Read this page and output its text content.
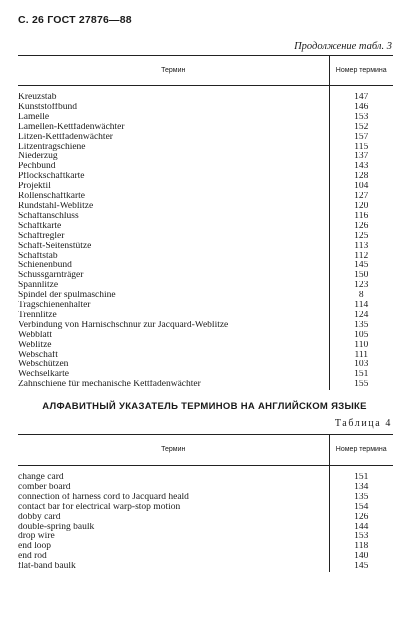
С. 26 ГОСТ 27876—88
Продолжение табл. 3
Термин	Номер термина

Kreuzstab	147
Kunststoffbund	146
Lamelle	153
Lamellen-Kettfadenwächter	152
Litzen-Kettfadenwächter	157
Litzentragschiene	115
Niederzug	137
Pechbund	143
Pflockschaftkarte	128
Projektil	104
Rollenschaftkarte	127
Rundstahl-Weblitze	120
Schaftanschluss	116
Schaftkarte	126
Schaftregler	125
Schaft-Seitenstütze	113
Schaftstab	112
Schienenbund	145
Schussgarnträger	150
Spannlitze	123
Spindel der spulmaschine	8
Tragschienenhalter	114
Trennlitze	124
Verbindung von Harnischschnur zur Jacquard-Weblitze	135
Webblatt	105
Weblitze	110
Webschaft	111
Webschützen	103
Wechselkarte	151
Zahnschiene für mechanische Kettfadenwächter	155
АЛФАВИТНЫЙ УКАЗАТЕЛЬ ТЕРМИНОВ НА АНГЛИЙСКОМ ЯЗЫКЕ
Таблица 4
Термин	Номер термина

change card	151
comber board	134
connection of harness cord to Jacquard heald	135
contact bar for electrical warp-stop motion	154
dobby card	126
double-spring baulk	144
drop wire	153
end loop	118
end rod	140
flat-band baulk	145
